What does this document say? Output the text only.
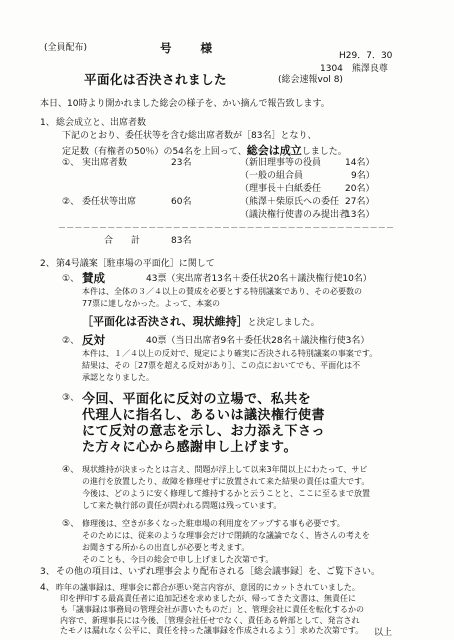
(全員配布)	号　　様
H29．7．30
1304　熊澤良尊
平面化は否決されました	(総会速報vol 8)
本日、10時より開かれました総会の様子を、かい摘んで報告致します。
1、 総会成立と、出席者数
下記のとおり、委任状等を含む総出席者数が［83名］となり、
定足数（有権者の50％）の54名を上回って、総会は成立しました。
①、 実出席者数	23名
②、 委任状等出席	60名
（新旧理事等の役員	14名）
（一般の組合員	9名）
（理事長＋白紙委任	20名）
（熊澤＋柴原氏への委任 27名）
（議決権行使書のみ提出者
13名）
－－－－－－－－－－－－－－－－－－－－－－－－－－－－－－－－－－－－－－－－－
合　　計	83名
2、 第4号議案［駐車場の平面化］に関して
①、 賛成	43票（実出席者13名＋委任状20名＋議決権行使10名）
本件は、全体の３／４以上の賛成を必要とする特別議案であり、その必要数の
77票に達しなかった。よって、本案の
［平面化は否決され、現状維持］と決定しました。
②、 反対	40票（当日出席者9名＋委任状28名＋議決権行使3名）
本件は、１／４以上の反対で、規定により確実に否決される特別議案の事案です。
結果は、その［27票を超える反対があり］、この点においてでも、平面化は不
承認となりました。
③、 今回、平面化に反対の立場で、私共を
代理人に指名し、あるいは議決権行使書
にて反対の意志を示し、お力添え下さっ
た方々に心から感謝申し上げます。
④、 現状維持が決まったとは言え、問題が浮上して以来3年間以上にわたって、サビ
の進行を放置したり、故障を修理せずに放置されて来た結果の責任は重大です。
今後は、どのように安く修理して維持するかと云うことと、ここに至るまで放置
して来た執行部の責任が問われる問題は残っています。
⑤、 修理後は、空きが多くなった駐車場の利用度をアップする事も必要です。
そのためには、従来のような理事会だけで閉鎖的な議論でなく、皆さんの考えを
お聞きする所からの出直しが必要と考えます。
そのことも、今日の総会で申し上げました次第です。
3、 その他の項目は、いずれ理事会より配布される［総会議事録］を、ご覧下さい。
4、 昨年の議事録は、理事会に都合が悪い発言内容が、意図的にカットされていました。
印を押印する最高責任者に追加記述を求めましたが、帰ってきた文書は、無責任に
も「議事録は事務局の管理会社が書いたものだ」と、管理会社に責任を転化するかの
内容で、新理事長には今後、［管理会社任せでなく、責任ある幹部として、発言され
たモノは漏れなく公平に、責任を持った議事録を作成されるよう］求めた次第です。 以上
